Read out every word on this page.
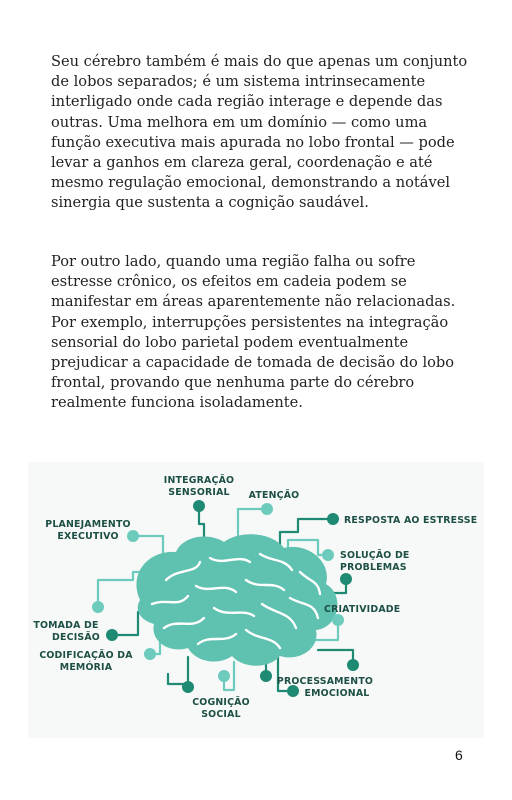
Seu cérebro também é mais do que apenas um conjunto de lobos separados; é um sistema intrinsecamente interligado onde cada região interage e depende das outras. Uma melhora em um domínio — como uma função executiva mais apurada no lobo frontal — pode levar a ganhos em clareza geral, coordenação e até mesmo regulação emocional, demonstrando a notável sinergia que sustenta a cognição saudável.

Por outro lado, quando uma região falha ou sofre estresse crônico, os efeitos em cadeia podem se manifestar em áreas aparentemente não relacionadas. Por exemplo, interrupções persistentes na integração sensorial do lobo parietal podem eventualmente prejudicar a capacidade de tomada de decisão do lobo frontal, provando que nenhuma parte do cérebro realmente funciona isoladamente.

INTEGRAÇÃO
SENSORIAL ATENÇÃO
RESPOSTA AO ESTRESSE
PLANEJAMENTO
EXECUTIVO
SOLUÇÃO DE
PROBLEMAS
CRIATIVIDADE
TOMADA DE
DECISÃO
CODIFICAÇÃO DA
MEMÓRIA
PROCESSAMENTO
EMOCIONAL
COGNIÇÃO
SOCIAL
6
